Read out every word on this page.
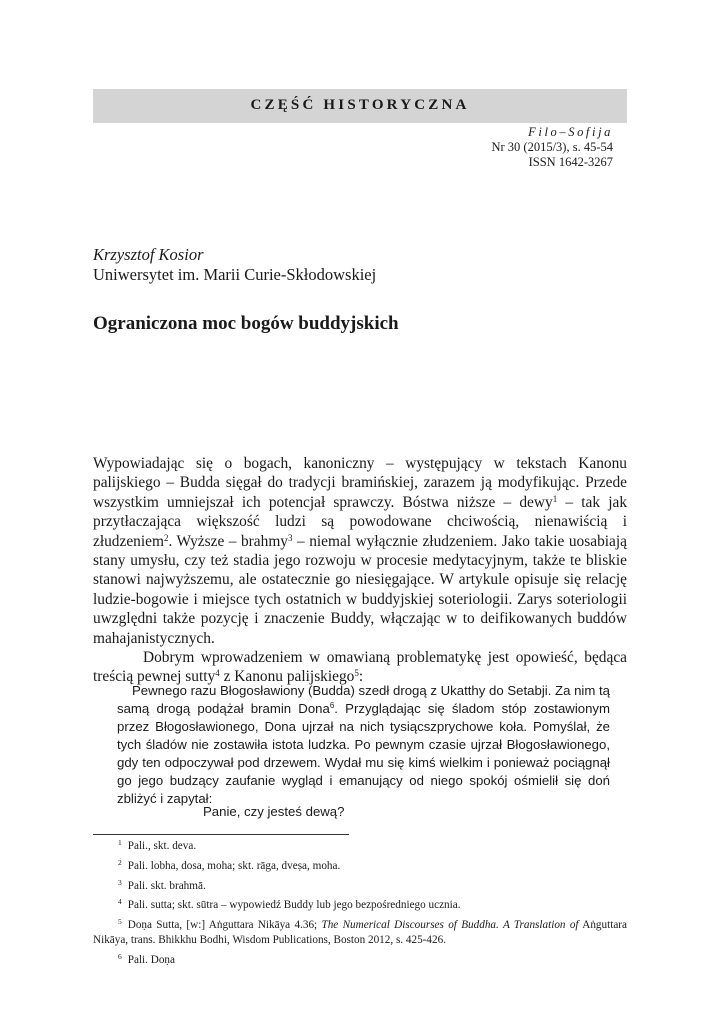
CZĘŚĆ HISTORYCZNA
Filo–Sofija
Nr 30 (2015/3), s. 45-54
ISSN 1642-3267
Krzysztof Kosior
Uniwersytet im. Marii Curie-Skłodowskiej
Ograniczona moc bogów buddyjskich

Wypowiadając się o bogach, kanoniczny – występujący w tekstach Kanonu palijskiego – Budda sięgał do tradycji bramińskiej, zarazem ją modyfikując. Przede wszystkim umniejszał ich potencjał sprawczy. Bóstwa niższe – dewy$^1$ – tak jak przytłaczająca większość ludzi są powodowane chciwością, nienawiścią i złudzeniem$^2$. Wyższe – brahmy$^3$ – niemal wyłącznie złudzeniem. Jako takie uosabiają stany umysłu, czy też stadia jego rozwoju w procesie medytacyjnym, także te bliskie stanowi najwyższemu, ale ostatecznie go niesięgające. W artykule opisuje się relację ludzie-bogowie i miejsce tych ostatnich w buddyjskiej soteriologii. Zarys soteriologii uwzględni także pozycję i znaczenie Buddy, włączając w to deifikowanych buddów mahajanistycznych.

Dobrym wprowadzeniem w omawianą problematykę jest opowieść, będąca treścią pewnej sutty$^4$ z Kanonu palijskiego$^5$:

Pewnego razu Błogosławiony (Budda) szedł drogą z Ukatthy do Setabji. Za nim tą samą drogą podążał bramin Dona$^6$. Przyglądając się śladom stóp zostawionym przez Błogosławionego, Dona ujrzał na nich tysiącszprychowe koła. Pomyślał, że tych śladów nie zostawiła istota ludzka. Po pewnym czasie ujrzał Błogosławionego, gdy ten odpoczywał pod drzewem. Wydał mu się kimś wielkim i ponieważ pociągnął go jego budzący zaufanie wygląd i emanujący od niego spokój ośmielił się doń zbliżyć i zapytał:

Panie, czy jesteś dewą?

$^1$ Pali., skt. deva.

$^2$ Pali. lobha, dosa, moha; skt. rāga, dveṣa, moha.

$^3$ Pali. skt. brahmā.

$^4$ Pali. sutta; skt. sūtra – wypowiedź Buddy lub jego bezpośredniego ucznia.

$^5$ Doṇa Sutta, [w:] Aṅguttara Nikāya 4.36; The Numerical Discourses of Buddha. A Translation of Aṅguttara Nikāya, trans. Bhikkhu Bodhi, Wisdom Publications, Boston 2012, s. 425-426.

$^6$ Pali. Doṇa
